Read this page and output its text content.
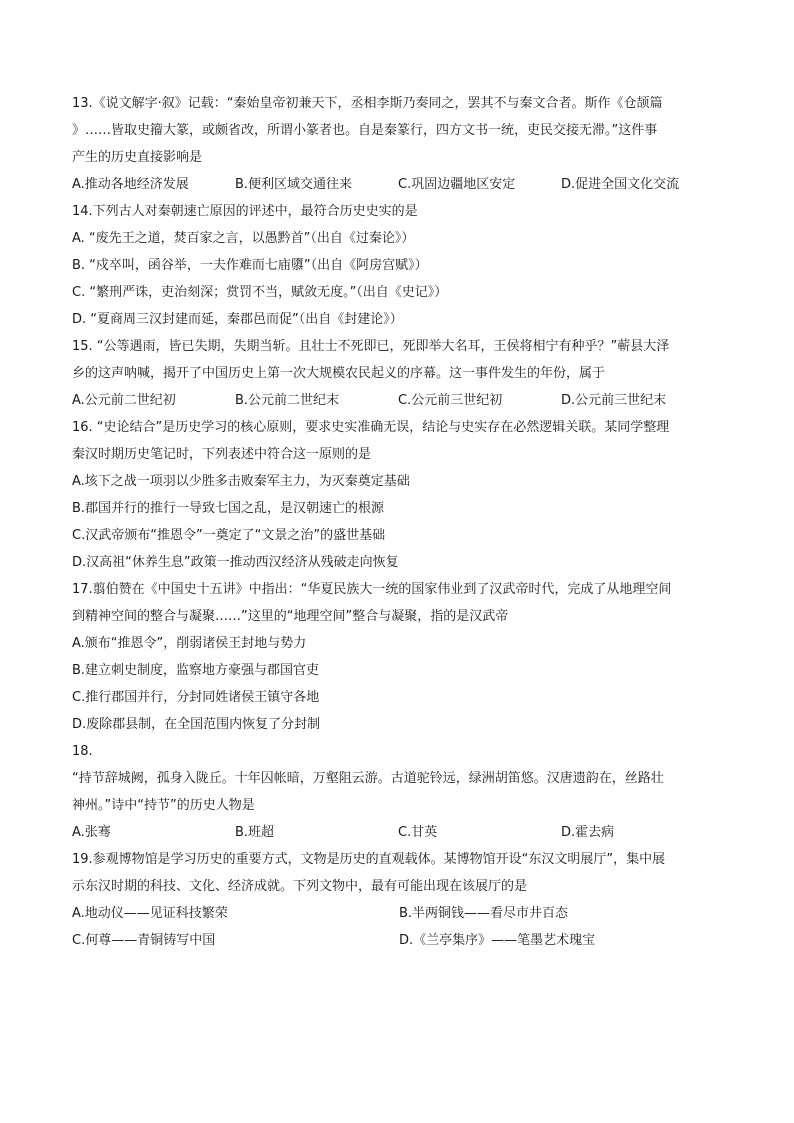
13.《说文解字·叙》记载：“秦始皇帝初兼天下，丞相李斯乃奏同之，罢其不与秦文合者。斯作《仓颉篇
》……皆取史籀大篆，或颇省改，所谓小篆者也。自是秦篆行，四方文书一统，吏民交接无滞。”这件事
产生的历史直接影响是
A.推动各地经济发展	B.便利区域交通往来	C.巩固边疆地区安定	D.促进全国文化交流
14.下列古人对秦朝速亡原因的评述中，最符合历史史实的是
A. “废先王之道，焚百家之言，以愚黔首”（出自《过秦论》）
B. “戍卒叫，函谷举，一夫作难而七庙隳”（出自《阿房宫赋》）
C. “繁刑严诛，吏治刻深；赏罚不当，赋敛无度。”（出自《史记》）
D. “夏商周三汉封建而延，秦郡邑而促”（出自《封建论》）
15. “公等遇雨，皆已失期，失期当斩。且壮士不死即已，死即举大名耳，王侯将相宁有种乎？”蕲县大泽
乡的这声呐喊，揭开了中国历史上第一次大规模农民起义的序幕。这一事件发生的年份，属于
A.公元前二世纪初	B.公元前二世纪末	C.公元前三世纪初	D.公元前三世纪末
16. “史论结合”是历史学习的核心原则，要求史实准确无误，结论与史实存在必然逻辑关联。某同学整理
秦汉时期历史笔记时，下列表述中符合这一原则的是
A.垓下之战一项羽以少胜多击败秦军主力，为灭秦奠定基础
B.郡国并行的推行一导致七国之乱，是汉朝速亡的根源
C.汉武帝颁布“推恩令”一奠定了“文景之治”的盛世基础
D.汉高祖“休养生息”政策一推动西汉经济从残破走向恢复
17.翦伯赞在《中国史十五讲》中指出：“华夏民族大一统的国家伟业到了汉武帝时代，完成了从地理空间
到精神空间的整合与凝聚……”这里的“地理空间”整合与凝聚，指的是汉武帝
A.颁布“推恩令”，削弱诸侯王封地与势力
B.建立刺史制度，监察地方豪强与郡国官吏
C.推行郡国并行，分封同姓诸侯王镇守各地
D.废除郡县制，在全国范围内恢复了分封制
18.
“持节辞城阙，孤身入陇丘。十年囚帐暗，万壑阻云游。古道驼铃远，绿洲胡笛悠。汉唐遗韵在，丝路壮
神州。”诗中“持节”的历史人物是
A.张骞	B.班超	C.甘英	D.霍去病
19.参观博物馆是学习历史的重要方式，文物是历史的直观载体。某博物馆开设“东汉文明展厅”，集中展
示东汉时期的科技、文化、经济成就。下列文物中，最有可能出现在该展厅的是
A.地动仪——见证科技繁荣	B.半两铜钱——看尽市井百态
C.何尊——青铜铸写中国	D.《兰亭集序》——笔墨艺术瑰宝
